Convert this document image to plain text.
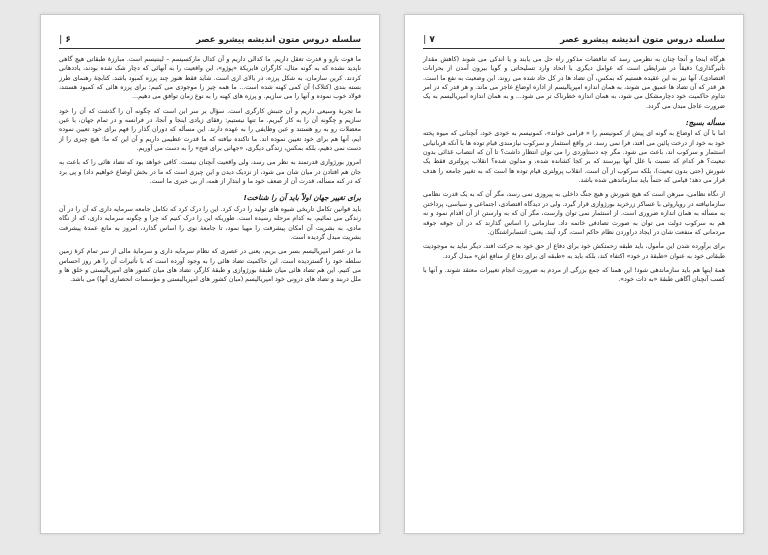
سلسله دروس متون اندیشه پیشرو عصر
۷ |

هرگاه اینجا و آنجا چنان به نظرمی رسد که تناقضات مذکور راه حل می یابند و یا اندکی می شوند (کاهش مقدار تأثیرگذاری) دقیقاً در شرایطی است که عوامل دیگری با اتحاد وارد تسلیحاتی و گویا بیرون آمدن از بحرانات اقتصادی)، آنها نیز به این عقیده هستیم که بمکس، آن تضاد ها در کل حاد شده می روند. این وضعیت به نفع ما است. هر قدر که آن تضاد ها عمیق می شوند، به همان اندازه امپریالیسم از اداره اوضاع عاجز می ماند. و هر قدر که در امر تداوم حاکمیت خود دچارمشکل می شود، به همان اندازه خطرناک تر می شود... و به همان اندازه امپریالیسم به یک ضرورت عاجل مبدل می گردد.

مسأله بسیج:

اما با آن که اوضاع به گونه ای پیش از کمونیسم را « فرامی خواند»، کمونیسم به خودی خود، آنچنانی که میوه پخته خود به خود از درخت پائین می افتد، فرا نمی رسد. در واقع استثمار و سرکوب نیازمندی قیام توده ها با آنکه قربانیانی استثمار و سرکوب اند، باعث می شود. مگر چه دستاوردی را می توان انتظار داشت؟ تا آن که انتصاب غذائی بدون تبعیت؟ هر کدام که نسبت با علل آنها بپرسند که بر کجا کشانده شده، و مدلون شده؟ انقلاب پرولتری فقط یک شورش (حتی بدون تبعیت)، بلکه سرکوب از آن است. انقلاب پرولتری قیام توده ها است که به تغییر جامعه را هدف قرار می دهد؛ قیامی که حتماً باید سازماندهی شده باشد.

از نگاه نظامی، مبرهن است که هیچ شورش و هیچ جنگ داخلی به پیروزی نمی رسد، مگر آن که به یک قدرت نظامی سازمانیافته در رویاروئی با عساکر زرخرید بورژوازی قرار گیرد. ولی در دیدگاه اقتصادی، اجتماعی و سیاسی، پرداختن به مسأله به همان اندازه ضروری است. از استثمار نمی توان وارست، مگر آن که به وارستن از آن اقدام نمود و نه هم به سرکوب دولت می توان به صورت تصادفی خاتمه داد. سازمانی را اساس گذارند که در آن جوقه جوقه مردمانی که منفعت شان در ایجاد دراوردن نظام حاکم است، گرد آیند. یعنی: انتسابراشتگان.

برای برآورده شدن این مأمول، باید طبقه زحمتکش خود برای دفاع از حق خود به حرکت افتد. دیگر نباید به موجودیت طبقاتی خود به عنوان «طبقهٔ در خود» اکتفاء کند، بلکه باید به «طبقه ای برای دفاع از منافع اش» مبدل گردد.

همهٔ اینها هم باید سازماندهی شود! این همنا که جمع بزرگی از مردم به ضرورت انجام تغییرات معتقد شوند. و آنها با کسب آنچنان آگاهی طبقهٔ «به ذات خود».

سلسله دروس متون اندیشه پیشرو عصر
۶ |

ما فوت بازو و قدرت تعقل داریم. ما کدالی داریم و آن کدال مارکسیسم – لیننیسم است. مبارزهٔ طبقاتی هیچ گاهی ناپدید نشده که به گونه مثال، کارگران فابریکهٔ «پوژو»، این واقعیت را به آنهائی که دچار شک شده بودند، یاددهانی کردند. کرین سازمان، به شکل پرزه، در بالای اری است. شاید فقط هنوز چند پرزه کمبود باشد. کتابچهٔ رهنمای طرز بسته بندی (کتلاک) آن کمی کهنه شده است... ما همه چیز را موجودی می کنیم: برای پرزه هائی که کمبود هستند، فولاد خوب نموده و آنها را می سازیم. و پرزه های کهنه را به نوع زمان توافق می دهیم...

ما تجربهٔ وسیعی داریم و آن جنبش کارگری است. سؤال بر سر این است که چگونه آن را گذشت که آن را خود سازیم و چگونه آن را به کار گیریم. ما تنها نیستیم: رفقای زیادی اینجا و آنجا، در فرانسه و در تمام جهان، با عین معضلات رو به رو هستند و عین وظایفی را به عهده دارند. این مسأله که دوران گذار را فهم برای خود تعیین نموده ایم، آنها هم برای خود تعیین نموده اند. ما تاکنده نیافته که ما قدرت عظیمی داریم و آن این که ما: هیچ چیزی را از دست نمی دهیم، بلکه بمکس، زندگی دیگری، «جهانی برای فتح» را به دست می آوریم.

امروز بورژوازی قدرتمند به نظر می رسد، ولی واقعیت آنچنان نیست. کافی خواهد بود که تضاد هائی را که باعث به جان هم افتادن در میان شان می شود، از نزدیک دیدن و این چیزی است که ما در بخش اوضاع خواهیم داد) و پی برد که در کنه مسأله، قدرت آن از ضعف خود ما و ابتذار از همه، از بی خبری ما است.

برای تغییر جهان اولاً باید آن را شناخت!

باید قوانین تکامل تاریخی شیوه های تولید را درک کرد. این را درک کرد که تکامل جامعه سرمایه داری که آن را در آن زندگی می نمائیم، به کدام مرحله رسیده است. طوریکه این را درک کنیم که چرا و چگونه سرمایه داری، که از نگاه مادی، به بشریت آن امکان پیشرفت را مهیا نمود، تا جامعهٔ نوی را اساس گذارد، امروز به مانع عمدهٔ پیشرفت بشریت مبدل گردیده است.

ما در عصر امپریالیسم بسر می بریم، یعنی در عصری که نظام سرمایه داری و سرمایهٔ مالی از سر تمام کرهٔ زمین سلطه خود را گستردیده است. این حاکمیت تضاد هائی را به وجود آورده است که با تأثیرات آن را هر روز احساس می کنیم. این هم تضاد هائی میان طبقهٔ بورژوازی و طبقهٔ کارگر، تضاد های میان کشور های امپریالیستی و خلق ها و ملل دربند و تضاد های درونی خود امپریالیسم (میان کشور های امپریالیستی و مؤسسات انحصاری آنها) می باشد.
